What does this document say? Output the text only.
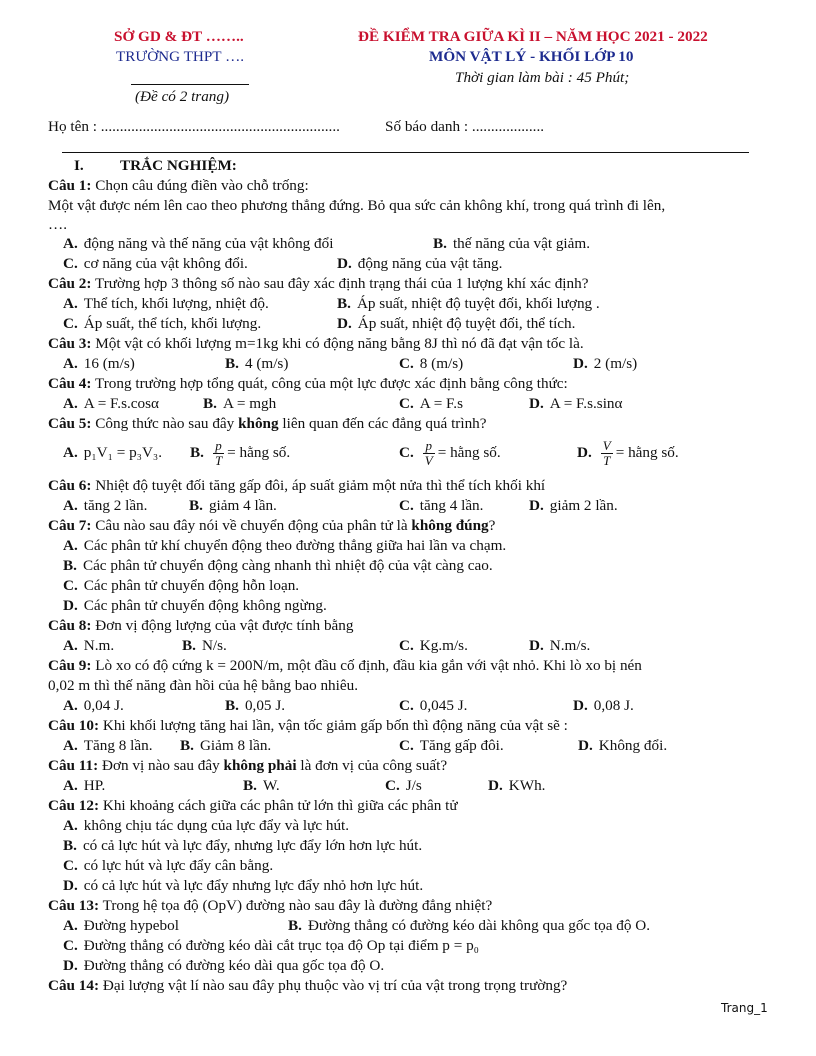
SỞ GD & ĐT ……..
TRƯỜNG THPT ….
(Đề có 2 trang)
ĐỀ KIỂM TRA GIỮA KÌ II – NĂM HỌC 2021 - 2022
MÔN VẬT LÝ - KHỐI LỚP 10
Thời gian làm bài : 45 Phút;
Họ tên : ...............................................................	Số báo danh : ...................
I. TRẮC NGHIỆM:
Câu 1: Chọn câu đúng điền vào chỗ trống:
Một vật được ném lên cao theo phương thẳng đứng. Bỏ qua sức cản không khí, trong quá trình đi lên,
….
A. động năng và thế năng của vật không đổi	B. thế năng của vật giảm.
C. cơ năng của vật không đổi.	D. động năng của vật tăng.
Câu 2: Trường hợp 3 thông số nào sau đây xác định trạng thái của 1 lượng khí xác định?
A. Thể tích, khối lượng, nhiệt độ.	B. Áp suất, nhiệt độ tuyệt đối, khối lượng .
C. Áp suất, thể tích, khối lượng.	D. Áp suất, nhiệt độ tuyệt đối, thể tích.
Câu 3: Một vật có khối lượng m=1kg khi có động năng bằng 8J thì nó đã đạt vận tốc là.
A. 16 (m/s)	B. 4 (m/s)	C. 8 (m/s)	D. 2 (m/s)
Câu 4: Trong trường hợp tổng quát, công của một lực được xác định bằng công thức:
A. A = F.s.cosα	B. A = mgh	C. A = F.s	D. A = F.s.sinα
Câu 5: Công thức nào sau đây không liên quan đến các đẳng quá trình?
A. p₁V₁ = p₃V₃. B. $\frac{p}{T}$ = hằng số.	C. $\frac{p}{V}$ = hằng số.	D. $\frac{V}{T}$ = hằng số.
Câu 6: Nhiệt độ tuyệt đối tăng gấp đôi, áp suất giảm một nửa thì thể tích khối khí
A. tăng 2 lần.	B. giảm 4 lần.	C. tăng 4 lần.	D. giảm 2 lần.
Câu 7: Câu nào sau đây nói về chuyển động của phân tử là không đúng?
A. Các phân tử khí chuyển động theo đường thẳng giữa hai lần va chạm.
B. Các phân tử chuyển động càng nhanh thì nhiệt độ của vật càng cao.
C. Các phân tử chuyển động hỗn loạn.
D. Các phân tử chuyển động không ngừng.
Câu 8: Đơn vị động lượng của vật được tính bằng
A. N.m.	B. N/s.	C. Kg.m/s.	D. N.m/s.
Câu 9: Lò xo có độ cứng k = 200N/m, một đầu cố định, đầu kia gắn với vật nhỏ. Khi lò xo bị nén
0,02 m thì thế năng đàn hồi của hệ bằng bao nhiêu.
A. 0,04 J.	B. 0,05 J.	C. 0,045 J.	D. 0,08 J.
Câu 10: Khi khối lượng tăng hai lần, vận tốc giảm gấp bốn thì động năng của vật sẽ :
A. Tăng 8 lần. B. Giảm 8 lần.	C. Tăng gấp đôi.	D. Không đổi.
Câu 11: Đơn vị nào sau đây không phải là đơn vị của công suất?
A. HP.	B. W.	C. J/s	D. KWh.
Câu 12: Khi khoảng cách giữa các phân tử lớn thì giữa các phân tử
A. không chịu tác dụng của lực đẩy và lực hút.
B. có cả lực hút và lực đẩy, nhưng lực đẩy lớn hơn lực hút.
C. có lực hút và lực đẩy cân bằng.
D. có cả lực hút và lực đẩy nhưng lực đẩy nhỏ hơn lực hút.
Câu 13: Trong hệ tọa độ (OpV) đường nào sau đây là đường đẳng nhiệt?
A. Đường hypebol	B. Đường thẳng có đường kéo dài không qua gốc tọa độ O.
C. Đường thẳng có đường kéo dài cắt trục tọa độ Op tại điểm p = p₀
D. Đường thẳng có đường kéo dài qua gốc tọa độ O.
Câu 14: Đại lượng vật lí nào sau đây phụ thuộc vào vị trí của vật trong trọng trường?
Trang_1
